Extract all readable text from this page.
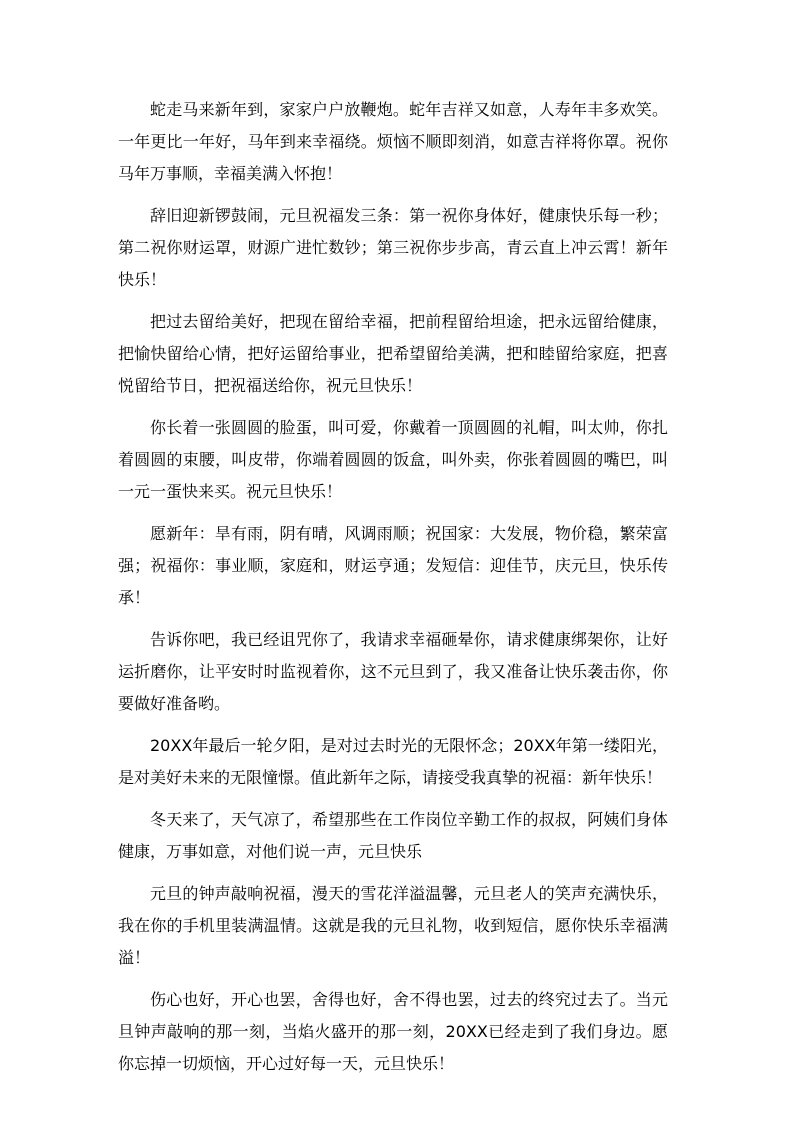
蛇走马来新年到，家家户户放鞭炮。蛇年吉祥又如意，人寿年丰多欢笑。一年更比一年好，马年到来幸福绕。烦恼不顺即刻消，如意吉祥将你罩。祝你马年万事顺，幸福美满入怀抱！

辞旧迎新锣鼓闹，元旦祝福发三条：第一祝你身体好，健康快乐每一秒；第二祝你财运罩，财源广进忙数钞；第三祝你步步高，青云直上冲云霄！新年快乐！

把过去留给美好，把现在留给幸福，把前程留给坦途，把永远留给健康，把愉快留给心情，把好运留给事业，把希望留给美满，把和睦留给家庭，把喜悦留给节日，把祝福送给你，祝元旦快乐！

你长着一张圆圆的脸蛋，叫可爱，你戴着一顶圆圆的礼帽，叫太帅，你扎着圆圆的束腰，叫皮带，你端着圆圆的饭盒，叫外卖，你张着圆圆的嘴巴，叫一元一蛋快来买。祝元旦快乐！

愿新年：旱有雨，阴有晴，风调雨顺；祝国家：大发展，物价稳，繁荣富强；祝福你：事业顺，家庭和，财运亨通；发短信：迎佳节，庆元旦，快乐传承！

告诉你吧，我已经诅咒你了，我请求幸福砸晕你，请求健康绑架你，让好运折磨你，让平安时时监视着你，这不元旦到了，我又准备让快乐袭击你，你要做好准备哟。

20XX年最后一轮夕阳，是对过去时光的无限怀念；20XX年第一缕阳光，是对美好未来的无限憧憬。值此新年之际，请接受我真挚的祝福：新年快乐！

冬天来了，天气凉了，希望那些在工作岗位辛勤工作的叔叔，阿姨们身体健康，万事如意，对他们说一声，元旦快乐

元旦的钟声敲响祝福，漫天的雪花洋溢温馨，元旦老人的笑声充满快乐，我在你的手机里装满温情。这就是我的元旦礼物，收到短信，愿你快乐幸福满溢！

伤心也好，开心也罢，舍得也好，舍不得也罢，过去的终究过去了。当元旦钟声敲响的那一刻，当焰火盛开的那一刻，20XX已经走到了我们身边。愿你忘掉一切烦恼，开心过好每一天，元旦快乐！
